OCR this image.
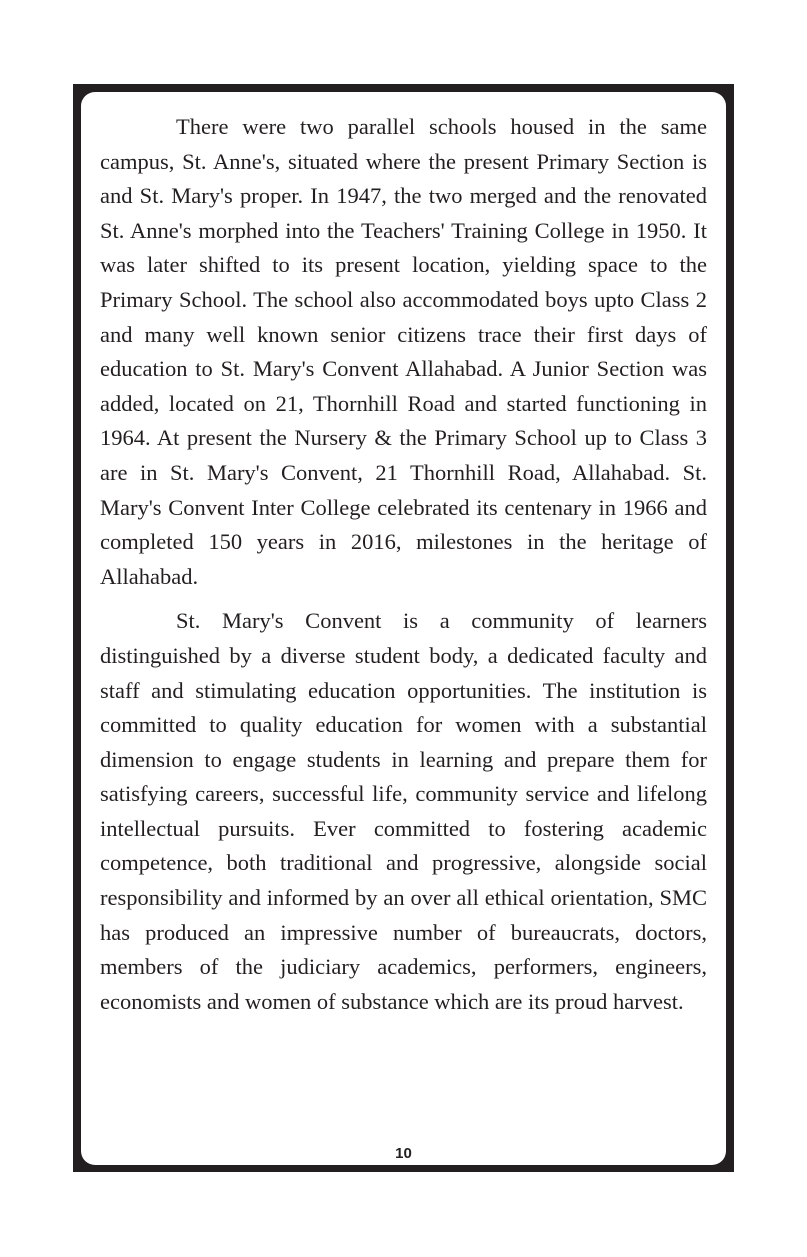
There were two parallel schools housed in the same campus, St. Anne's, situated where the present Primary Section is and St. Mary's proper. In 1947, the two merged and the renovated St. Anne's morphed into the Teachers' Training College in 1950. It was later shifted to its present location, yielding space to the Primary School. The school also accommodated boys upto Class 2 and many well known senior citizens trace their first days of education to St. Mary's Convent Allahabad. A Junior Section was added, located on 21, Thornhill Road and started functioning in 1964. At present the Nursery & the Primary School up to Class 3 are in St. Mary's Convent, 21 Thornhill Road, Allahabad. St. Mary's Convent Inter College celebrated its centenary in 1966 and completed 150 years in 2016, milestones in the heritage of Allahabad.

St. Mary's Convent is a community of learners distinguished by a diverse student body, a dedicated faculty and staff and stimulating education opportunities. The institution is committed to quality education for women with a substantial dimension to engage students in learning and prepare them for satisfying careers, successful life, community service and lifelong intellectual pursuits. Ever committed to fostering academic competence, both traditional and progressive, alongside social responsibility and informed by an over all ethical orientation, SMC has produced an impressive number of bureaucrats, doctors, members of the judiciary academics, performers, engineers, economists and women of substance which are its proud harvest.

10
